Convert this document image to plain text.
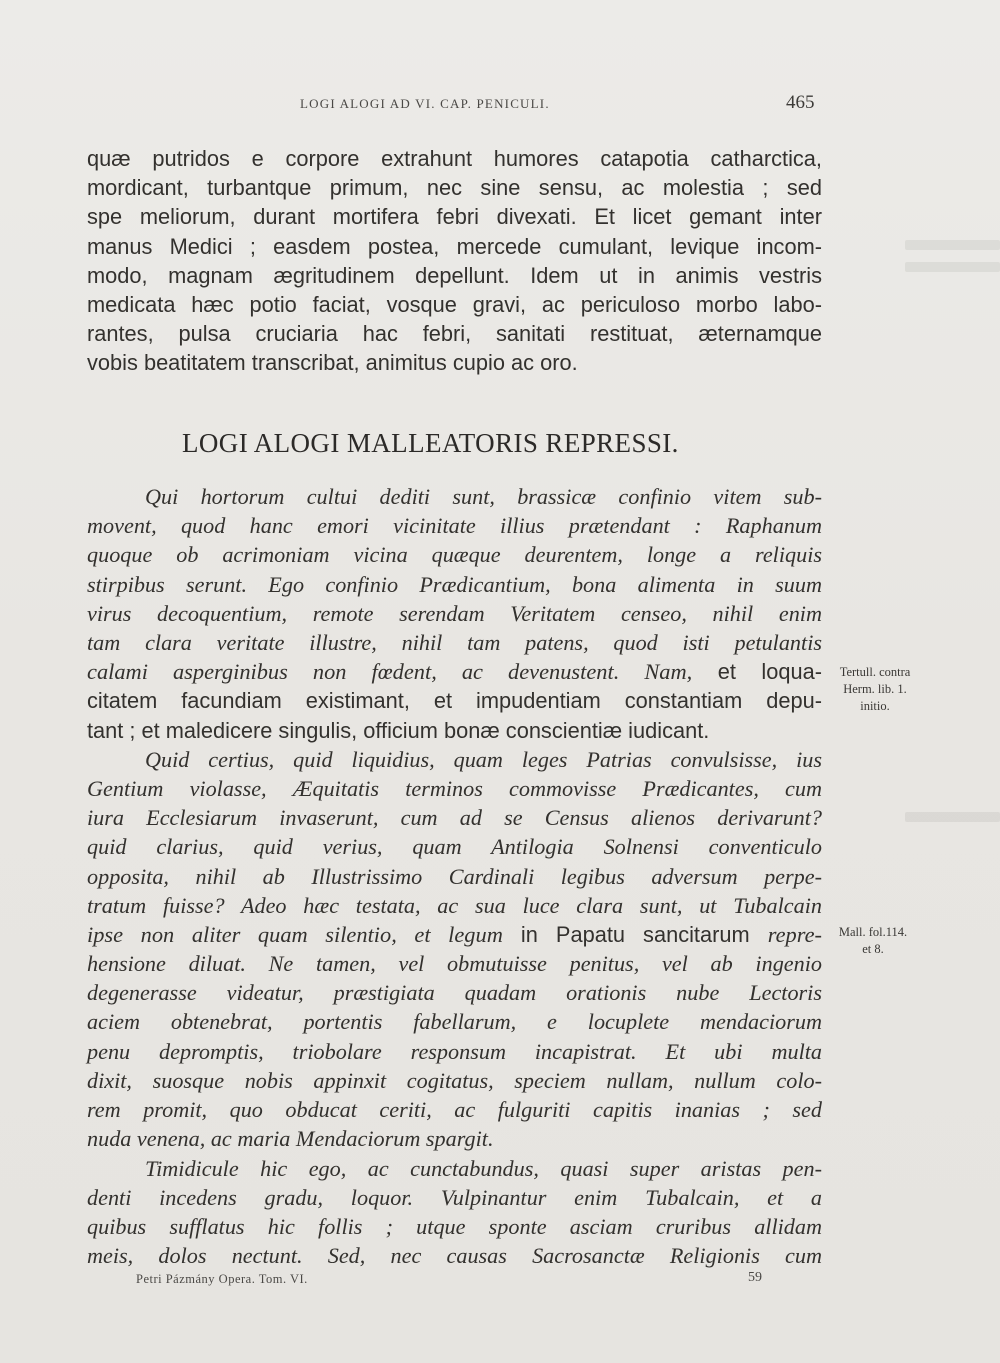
LOGI ALOGI AD VI. CAP. PENICULI.	465
quæ putridos e corpore extrahunt humores catapotia catharctica,
mordicant, turbantque primum, nec sine sensu, ac molestia ; sed
spe meliorum, durant mortifera febri divexati. Et licet gemant inter
manus Medici ; easdem postea, mercede cumulant, levique incom-
modo, magnam ægritudinem depellunt. Idem ut in animis vestris
medicata hæc potio faciat, vosque gravi, ac periculoso morbo labo-
rantes, pulsa cruciaria hac febri, sanitati restituat, æternamque
vobis beatitatem transcribat, animitus cupio ac oro.
LOGI ALOGI MALLEATORIS REPRESSI.
Qui hortorum cultui dediti sunt, brassicæ confinio vitem sub-
movent, quod hanc emori vicinitate illius prætendant : Raphanum
quoque ob acrimoniam vicina quæque deurentem, longe a reliquis
stirpibus serunt. Ego confinio Prædicantium, bona alimenta in suum
virus decoquentium, remote serendam Veritatem censeo, nihil enim
tam clara veritate illustre, nihil tam patens, quod isti petulantis
calami asperginibus non fœdent, ac devenustent. Nam, et loqua-
citatem facundiam existimant, et impudentiam constantiam depu-
tant ; et maledicere singulis, officium bonæ conscientiæ iudicant.
Quid certius, quid liquidius, quam leges Patrias convulsisse, ius
Gentium violasse, Æquitatis terminos commovisse Prædicantes, cum
iura Ecclesiarum invaserunt, cum ad se Census alienos derivarunt?
quid clarius, quid verius, quam Antilogia Solnensi conventiculo
opposita, nihil ab Illustrissimo Cardinali legibus adversum perpe-
tratum fuisse? Adeo hæc testata, ac sua luce clara sunt, ut Tubalcain
ipse non aliter quam silentio, et legum in Papatu sancitarum repre-
hensione diluat. Ne tamen, vel obmutuisse penitus, vel ab ingenio
degenerasse videatur, præstigiata quadam orationis nube Lectoris
aciem obtenebrat, portentis fabellarum, e locuplete mendaciorum
penu depromptis, triobolare responsum incapistrat. Et ubi multa
dixit, suosque nobis appinxit cogitatus, speciem nullam, nullum colo-
rem promit, quo obducat ceriti, ac fulguriti capitis inanias ; sed
nuda venena, ac maria Mendaciorum spargit.
Timidicule hic ego, ac cunctabundus, quasi super aristas pen-
denti incedens gradu, loquor. Vulpinantur enim Tubalcain, et a
quibus sufflatus hic follis ; utque sponte asciam cruribus allidam
meis, dolos nectunt. Sed, nec causas Sacrosanctæ Religionis cum
Tertull. contra
Herm. lib. 1.
initio.
Mall. fol.114.
et 8.
Petri Pázmány Opera. Tom. VI.	59
